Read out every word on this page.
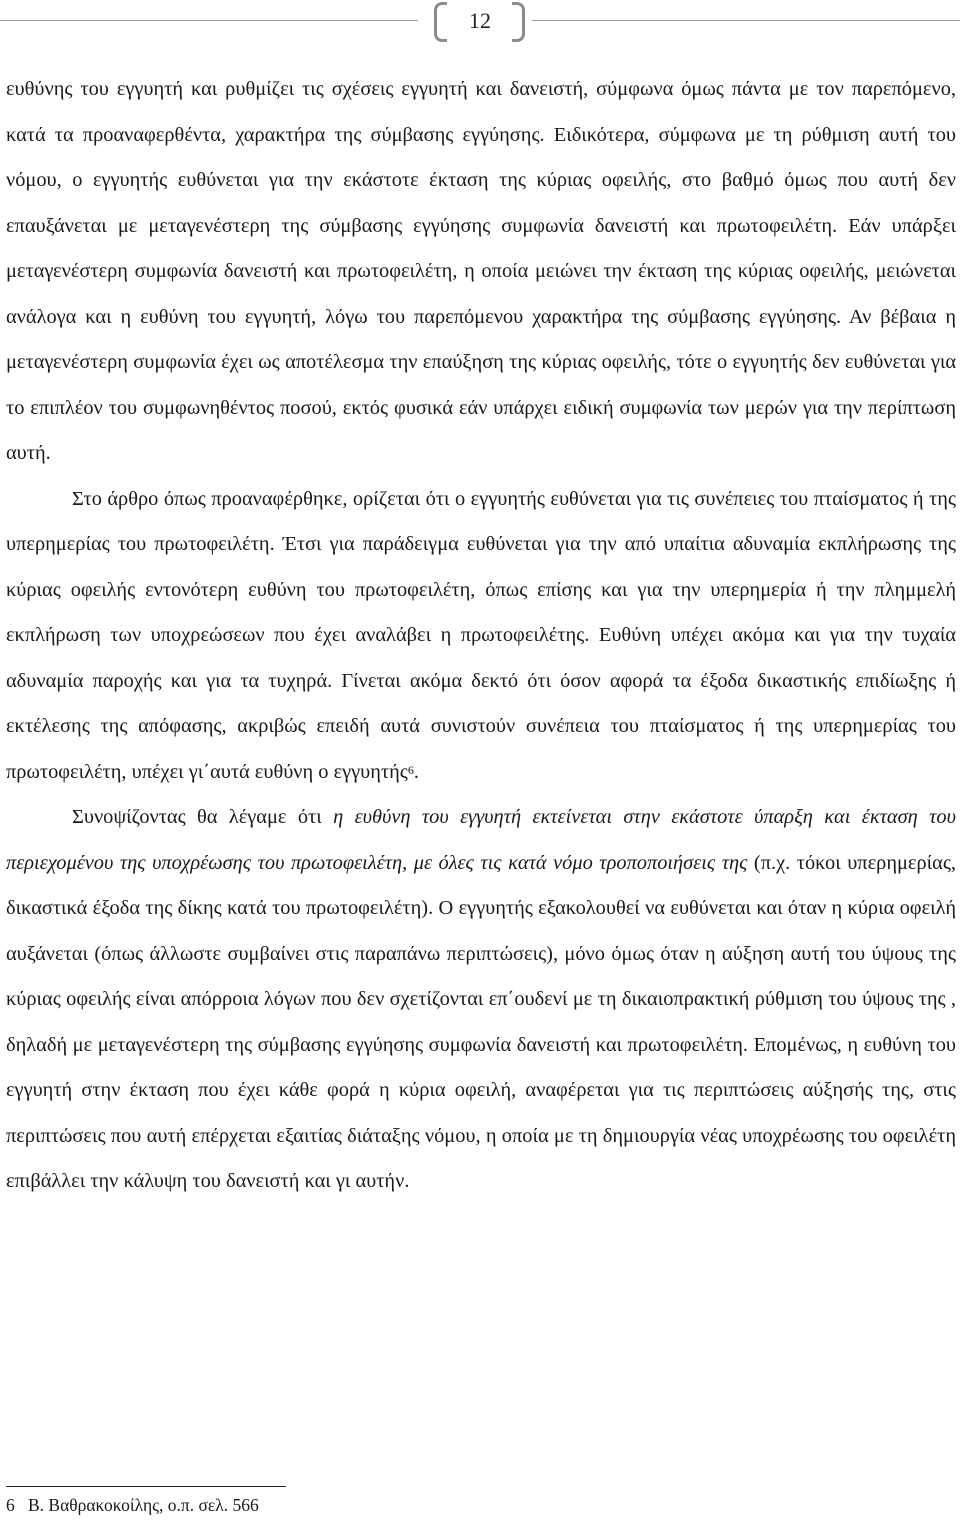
12

ευθύνης του εγγυητή και ρυθμίζει τις σχέσεις εγγυητή και δανειστή, σύμφωνα όμως πάντα με τον παρεπόμενο, κατά τα προαναφερθέντα, χαρακτήρα της σύμβασης εγγύησης. Ειδικότερα, σύμφωνα με τη ρύθμιση αυτή του νόμου, ο εγγυητής ευθύνεται για την εκάστοτε έκταση της κύριας οφειλής, στο βαθμό όμως που αυτή δεν επαυξάνεται με μεταγενέστερη της σύμβασης εγγύησης συμφωνία δανειστή και πρωτοφειλέτη. Εάν υπάρξει μεταγενέστερη συμφωνία δανειστή και πρωτοφειλέτη, η οποία μειώνει την έκταση της κύριας οφειλής, μειώνεται ανάλογα και η ευθύνη του εγγυητή, λόγω του παρεπόμενου χαρακτήρα της σύμβασης εγγύησης. Αν βέβαια η μεταγενέστερη συμφωνία έχει ως αποτέλεσμα την επαύξηση της κύριας οφειλής, τότε ο εγγυητής δεν ευθύνεται για το επιπλέον του συμφωνηθέντος ποσού, εκτός φυσικά εάν υπάρχει ειδική συμφωνία των μερών για την περίπτωση αυτή.

Στο άρθρο όπως προαναφέρθηκε, ορίζεται ότι ο εγγυητής ευθύνεται για τις συνέπειες του πταίσματος ή της υπερημερίας του πρωτοφειλέτη. Έτσι για παράδειγμα ευθύνεται για την από υπαίτια αδυναμία εκπλήρωσης της κύριας οφειλής εντονότερη ευθύνη του πρωτοφειλέτη, όπως επίσης και για την υπερημερία ή την πλημμελή εκπλήρωση των υποχρεώσεων που έχει αναλάβει η πρωτοφειλέτης. Ευθύνη υπέχει ακόμα και για την τυχαία αδυναμία παροχής και για τα τυχηρά. Γίνεται ακόμα δεκτό ότι όσον αφορά τα έξοδα δικαστικής επιδίωξης ή εκτέλεσης της απόφασης, ακριβώς επειδή αυτά συνιστούν συνέπεια του πταίσματος ή της υπερημερίας του πρωτοφειλέτη, υπέχει γι΄αυτά ευθύνη ο εγγυητής$^6$.

Συνοψίζοντας θα λέγαμε ότι η ευθύνη του εγγυητή εκτείνεται στην εκάστοτε ύπαρξη και έκταση του περιεχομένου της υποχρέωσης του πρωτοφειλέτη, με όλες τις κατά νόμο τροποποιήσεις της (π.χ. τόκοι υπερημερίας, δικαστικά έξοδα της δίκης κατά του πρωτοφειλέτη). Ο εγγυητής εξακολουθεί να ευθύνεται και όταν η κύρια οφειλή αυξάνεται (όπως άλλωστε συμβαίνει στις παραπάνω περιπτώσεις), μόνο όμως όταν η αύξηση αυτή του ύψους της κύριας οφειλής είναι απόρροια λόγων που δεν σχετίζονται επ΄ουδενί με τη δικαιοπρακτική ρύθμιση του ύψους της , δηλαδή με μεταγενέστερη της σύμβασης εγγύησης συμφωνία δανειστή και πρωτοφειλέτη. Επομένως, η ευθύνη του εγγυητή στην έκταση που έχει κάθε φορά η κύρια οφειλή, αναφέρεται για τις περιπτώσεις αύξησής της, στις περιπτώσεις που αυτή επέρχεται εξαιτίας διάταξης νόμου, η οποία με τη δημιουργία νέας υποχρέωσης του οφειλέτη επιβάλλει την κάλυψη του δανειστή και γι αυτήν.

6 Β. Βαθρακοκοίλης, ο.π. σελ. 566
